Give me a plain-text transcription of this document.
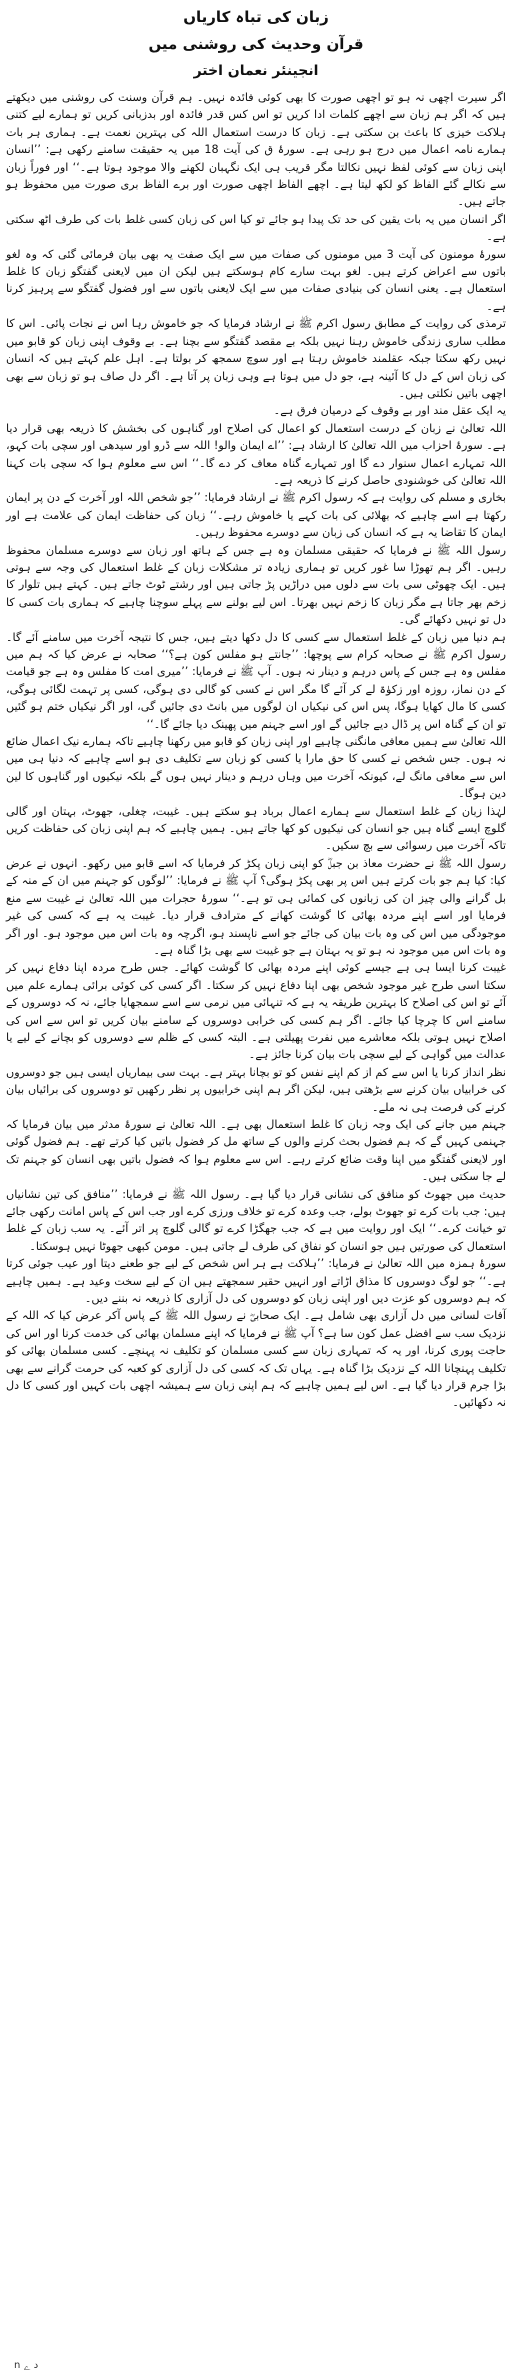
زبان کی تباہ کاریاں
قرآن وحدیث کی روشنی میں
انجینئر نعمان اختر

اگر سیرت اچھی نہ ہو تو اچھی صورت کا بھی کوئی فائدہ نہیں۔ ہم قرآن وسنت کی روشنی میں دیکھتے ہیں کہ اگر ہم زبان سے اچھے کلمات ادا کریں تو اس کس قدر فائدہ اور بدزبانی کریں تو ہمارے لیے کتنی ہلاکت خیزی کا باعث بن سکتی ہے۔ زبان کا درست استعمال اللہ کی بہترین نعمت ہے۔ ہماری ہر بات ہمارے نامہ اعمال میں درج ہو رہی ہے۔ سورۂ ق کی آیت 18 میں یہ حقیقت سامنے رکھی ہے: ’’انسان اپنی زبان سے کوئی لفظ نہیں نکالتا مگر قریب ہی ایک نگہبان لکھنے والا موجود ہوتا ہے۔‘‘ اور فوراً زبان سے نکالے گئے الفاظ کو لکھ لیتا ہے۔ اچھے الفاظ اچھی صورت اور برے الفاظ بری صورت میں محفوظ ہو جاتے ہیں۔

اگر انسان میں یہ بات یقین کی حد تک پیدا ہو جائے تو کیا اس کی زبان کسی غلط بات کی طرف اٹھ سکتی ہے۔

سورۂ مومنون کی آیت 3 میں مومنوں کی صفات میں سے ایک صفت یہ بھی بیان فرمائی گئی کہ وہ لغو باتوں سے اعراض کرتے ہیں۔ لغو بہت سارے کام ہوسکتے ہیں لیکن ان میں لایعنی گفتگو زبان کا غلط استعمال ہے۔ یعنی انسان کی بنیادی صفات میں سے ایک لایعنی باتوں سے اور فضول گفتگو سے پرہیز کرنا ہے۔

ترمذی کی روایت کے مطابق رسول اکرم ﷺ نے ارشاد فرمایا کہ جو خاموش رہا اس نے نجات پائی۔ اس کا مطلب ساری زندگی خاموش رہنا نہیں بلکہ بے مقصد گفتگو سے بچنا ہے۔ بے وقوف اپنی زبان کو قابو میں نہیں رکھ سکتا جبکہ عقلمند خاموش رہتا ہے اور سوچ سمجھ کر بولتا ہے۔ اہل علم کہتے ہیں کہ انسان کی زبان اس کے دل کا آئینہ ہے، جو دل میں ہوتا ہے وہی زبان پر آتا ہے۔ اگر دل صاف ہو تو زبان سے بھی اچھی باتیں نکلتی ہیں۔

یہ ایک عقل مند اور بے وقوف کے درمیان فرق ہے۔

اللہ تعالیٰ نے زبان کے درست استعمال کو اعمال کی اصلاح اور گناہوں کی بخشش کا ذریعہ بھی قرار دیا ہے۔ سورۂ احزاب میں اللہ تعالیٰ کا ارشاد ہے: ’’اے ایمان والو! اللہ سے ڈرو اور سیدھی اور سچی بات کہو، اللہ تمہارے اعمال سنوار دے گا اور تمہارے گناہ معاف کر دے گا۔‘‘ اس سے معلوم ہوا کہ سچی بات کہنا اللہ تعالیٰ کی خوشنودی حاصل کرنے کا ذریعہ ہے۔

بخاری و مسلم کی روایت ہے کہ رسول اکرم ﷺ نے ارشاد فرمایا: ’’جو شخص اللہ اور آخرت کے دن پر ایمان رکھتا ہے اسے چاہیے کہ بھلائی کی بات کہے یا خاموش رہے۔‘‘ زبان کی حفاظت ایمان کی علامت ہے اور ایمان کا تقاضا یہ ہے کہ انسان کی زبان سے دوسرے محفوظ رہیں۔

رسول اللہ ﷺ نے فرمایا کہ حقیقی مسلمان وہ ہے جس کے ہاتھ اور زبان سے دوسرے مسلمان محفوظ رہیں۔ اگر ہم تھوڑا سا غور کریں تو ہماری زیادہ تر مشکلات زبان کے غلط استعمال کی وجہ سے ہوتی ہیں۔ ایک چھوٹی سی بات سے دلوں میں دراڑیں پڑ جاتی ہیں اور رشتے ٹوٹ جاتے ہیں۔ کہتے ہیں تلوار کا زخم بھر جاتا ہے مگر زبان کا زخم نہیں بھرتا۔ اس لیے بولنے سے پہلے سوچنا چاہیے کہ ہماری بات کسی کا دل تو نہیں دکھائے گی۔

ہم دنیا میں زبان کے غلط استعمال سے کسی کا دل دکھا دیتے ہیں، جس کا نتیجہ آخرت میں سامنے آئے گا۔ رسول اکرم ﷺ نے صحابہ کرام سے پوچھا: ’’جانتے ہو مفلس کون ہے؟‘‘ صحابہ نے عرض کیا کہ ہم میں مفلس وہ ہے جس کے پاس درہم و دینار نہ ہوں۔ آپ ﷺ نے فرمایا: ’’میری امت کا مفلس وہ ہے جو قیامت کے دن نماز، روزہ اور زکوٰۃ لے کر آئے گا مگر اس نے کسی کو گالی دی ہوگی، کسی پر تہمت لگائی ہوگی، کسی کا مال کھایا ہوگا، پس اس کی نیکیاں ان لوگوں میں بانٹ دی جائیں گی، اور اگر نیکیاں ختم ہو گئیں تو ان کے گناہ اس پر ڈال دیے جائیں گے اور اسے جہنم میں پھینک دیا جائے گا۔‘‘

اللہ تعالیٰ سے ہمیں معافی مانگنی چاہیے اور اپنی زبان کو قابو میں رکھنا چاہیے تاکہ ہمارے نیک اعمال ضائع نہ ہوں۔ جس شخص نے کسی کا حق مارا یا کسی کو زبان سے تکلیف دی ہو اسے چاہیے کہ دنیا ہی میں اس سے معافی مانگ لے، کیونکہ آخرت میں وہاں درہم و دینار نہیں ہوں گے بلکہ نیکیوں اور گناہوں کا لین دین ہوگا۔

لہٰذا زبان کے غلط استعمال سے ہمارے اعمال برباد ہو سکتے ہیں۔ غیبت، چغلی، جھوٹ، بہتان اور گالی گلوچ ایسے گناہ ہیں جو انسان کی نیکیوں کو کھا جاتے ہیں۔ ہمیں چاہیے کہ ہم اپنی زبان کی حفاظت کریں تاکہ آخرت میں رسوائی سے بچ سکیں۔

رسول اللہ ﷺ نے حضرت معاذ بن جبلؓ کو اپنی زبان پکڑ کر فرمایا کہ اسے قابو میں رکھو۔ انہوں نے عرض کیا: کیا ہم جو بات کرتے ہیں اس پر بھی پکڑ ہوگی؟ آپ ﷺ نے فرمایا: ’’لوگوں کو جہنم میں ان کے منہ کے بل گرانے والی چیز ان کی زبانوں کی کمائی ہی تو ہے۔‘‘ سورۂ حجرات میں اللہ تعالیٰ نے غیبت سے منع فرمایا اور اسے اپنے مردہ بھائی کا گوشت کھانے کے مترادف قرار دیا۔ غیبت یہ ہے کہ کسی کی غیر موجودگی میں اس کی وہ بات بیان کی جائے جو اسے ناپسند ہو، اگرچہ وہ بات اس میں موجود ہو۔ اور اگر وہ بات اس میں موجود نہ ہو تو یہ بہتان ہے جو غیبت سے بھی بڑا گناہ ہے۔

غیبت کرنا ایسا ہی ہے جیسے کوئی اپنے مردہ بھائی کا گوشت کھائے۔ جس طرح مردہ اپنا دفاع نہیں کر سکتا اسی طرح غیر موجود شخص بھی اپنا دفاع نہیں کر سکتا۔ اگر کسی کی کوئی برائی ہمارے علم میں آئے تو اس کی اصلاح کا بہترین طریقہ یہ ہے کہ تنہائی میں نرمی سے اسے سمجھایا جائے، نہ کہ دوسروں کے سامنے اس کا چرچا کیا جائے۔ اگر ہم کسی کی خرابی دوسروں کے سامنے بیان کریں تو اس سے اس کی اصلاح نہیں ہوتی بلکہ معاشرے میں نفرت پھیلتی ہے۔ البتہ کسی کے ظلم سے دوسروں کو بچانے کے لیے یا عدالت میں گواہی کے لیے سچی بات بیان کرنا جائز ہے۔

نظر انداز کرنا یا اس سے کم از کم اپنے نفس کو تو بچانا بہتر ہے۔ بہت سی بیماریاں ایسی ہیں جو دوسروں کی خرابیاں بیان کرنے سے بڑھتی ہیں، لیکن اگر ہم اپنی خرابیوں پر نظر رکھیں تو دوسروں کی برائیاں بیان کرنے کی فرصت ہی نہ ملے۔

جہنم میں جانے کی ایک وجہ زبان کا غلط استعمال بھی ہے۔ اللہ تعالیٰ نے سورۂ مدثر میں بیان فرمایا کہ جہنمی کہیں گے کہ ہم فضول بحث کرنے والوں کے ساتھ مل کر فضول باتیں کیا کرتے تھے۔ ہم فضول گوئی اور لایعنی گفتگو میں اپنا وقت ضائع کرتے رہے۔ اس سے معلوم ہوا کہ فضول باتیں بھی انسان کو جہنم تک لے جا سکتی ہیں۔

حدیث میں جھوٹ کو منافق کی نشانی قرار دیا گیا ہے۔ رسول اللہ ﷺ نے فرمایا: ’’منافق کی تین نشانیاں ہیں: جب بات کرے تو جھوٹ بولے، جب وعدہ کرے تو خلاف ورزی کرے اور جب اس کے پاس امانت رکھی جائے تو خیانت کرے۔‘‘ ایک اور روایت میں ہے کہ جب جھگڑا کرے تو گالی گلوچ پر اتر آئے۔ یہ سب زبان کے غلط استعمال کی صورتیں ہیں جو انسان کو نفاق کی طرف لے جاتی ہیں۔ مومن کبھی جھوٹا نہیں ہوسکتا۔

سورۂ ہمزہ میں اللہ تعالیٰ نے فرمایا: ’’ہلاکت ہے ہر اس شخص کے لیے جو طعنے دیتا اور عیب جوئی کرتا ہے۔‘‘ جو لوگ دوسروں کا مذاق اڑاتے اور انہیں حقیر سمجھتے ہیں ان کے لیے سخت وعید ہے۔ ہمیں چاہیے کہ ہم دوسروں کو عزت دیں اور اپنی زبان کو دوسروں کی دل آزاری کا ذریعہ نہ بننے دیں۔

آفات لسانی میں دل آزاری بھی شامل ہے۔ ایک صحابیؓ نے رسول اللہ ﷺ کے پاس آکر عرض کیا کہ اللہ کے نزدیک سب سے افضل عمل کون سا ہے؟ آپ ﷺ نے فرمایا کہ اپنے مسلمان بھائی کی خدمت کرنا اور اس کی حاجت پوری کرنا، اور یہ کہ تمہاری زبان سے کسی مسلمان کو تکلیف نہ پہنچے۔ کسی مسلمان بھائی کو تکلیف پہنچانا اللہ کے نزدیک بڑا گناہ ہے۔ یہاں تک کہ کسی کی دل آزاری کو کعبہ کی حرمت گرانے سے بھی بڑا جرم قرار دیا گیا ہے۔ اس لیے ہمیں چاہیے کہ ہم اپنی زبان سے ہمیشہ اچھی بات کہیں اور کسی کا دل نہ دکھائیں۔

ﺩ ﮮ n
